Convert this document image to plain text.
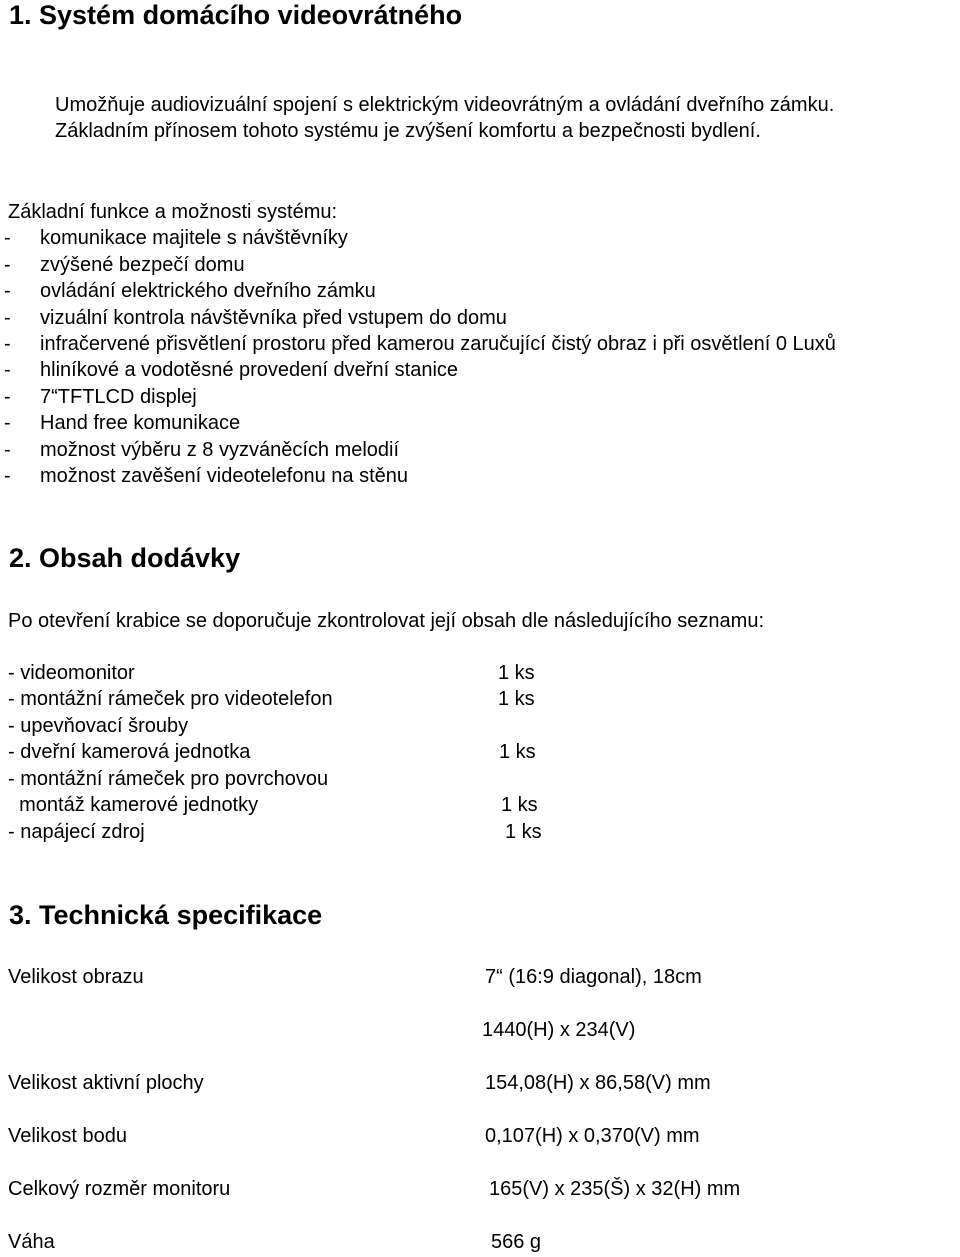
1. Systém domácího videovrátného
Umožňuje audiovizuální spojení s elektrickým videovrátným a ovládání dveřního zámku.
Základním přínosem tohoto systému je zvýšení komfortu a bezpečnosti bydlení.
Základní funkce a možnosti systému:
- komunikace majitele s návštěvníky
- zvýšené bezpečí domu
- ovládání elektrického dveřního zámku
- vizuální kontrola návštěvníka před vstupem do domu
- infračervené přisvětlení prostoru před kamerou zaručující čistý obraz i při osvětlení 0 Luxů
- hliníkové a vodotěsné provedení dveřní stanice
- 7“TFTLCD displej
- Hand free komunikace
- možnost výběru z 8 vyzváněcích melodií
- možnost zavěšení videotelefonu na stěnu
2. Obsah dodávky
Po otevření krabice se doporučuje zkontrolovat její obsah dle následujícího seznamu:
- videomonitor	1 ks
- montážní rámeček pro videotelefon	1 ks
- upevňovací šrouby
- dveřní kamerová jednotka	1 ks
- montážní rámeček pro povrchovou
montáž kamerové jednotky	1 ks
- napájecí zdroj	1 ks
3. Technická specifikace
Velikost obrazu	7“ (16:9 diagonal), 18cm
1440(H) x 234(V)
Velikost aktivní plochy	154,08(H) x 86,58(V) mm
Velikost bodu	0,107(H) x 0,370(V) mm
Celkový rozměr monitoru	165(V) x 235(Š) x 32(H) mm
Váha	566 g
